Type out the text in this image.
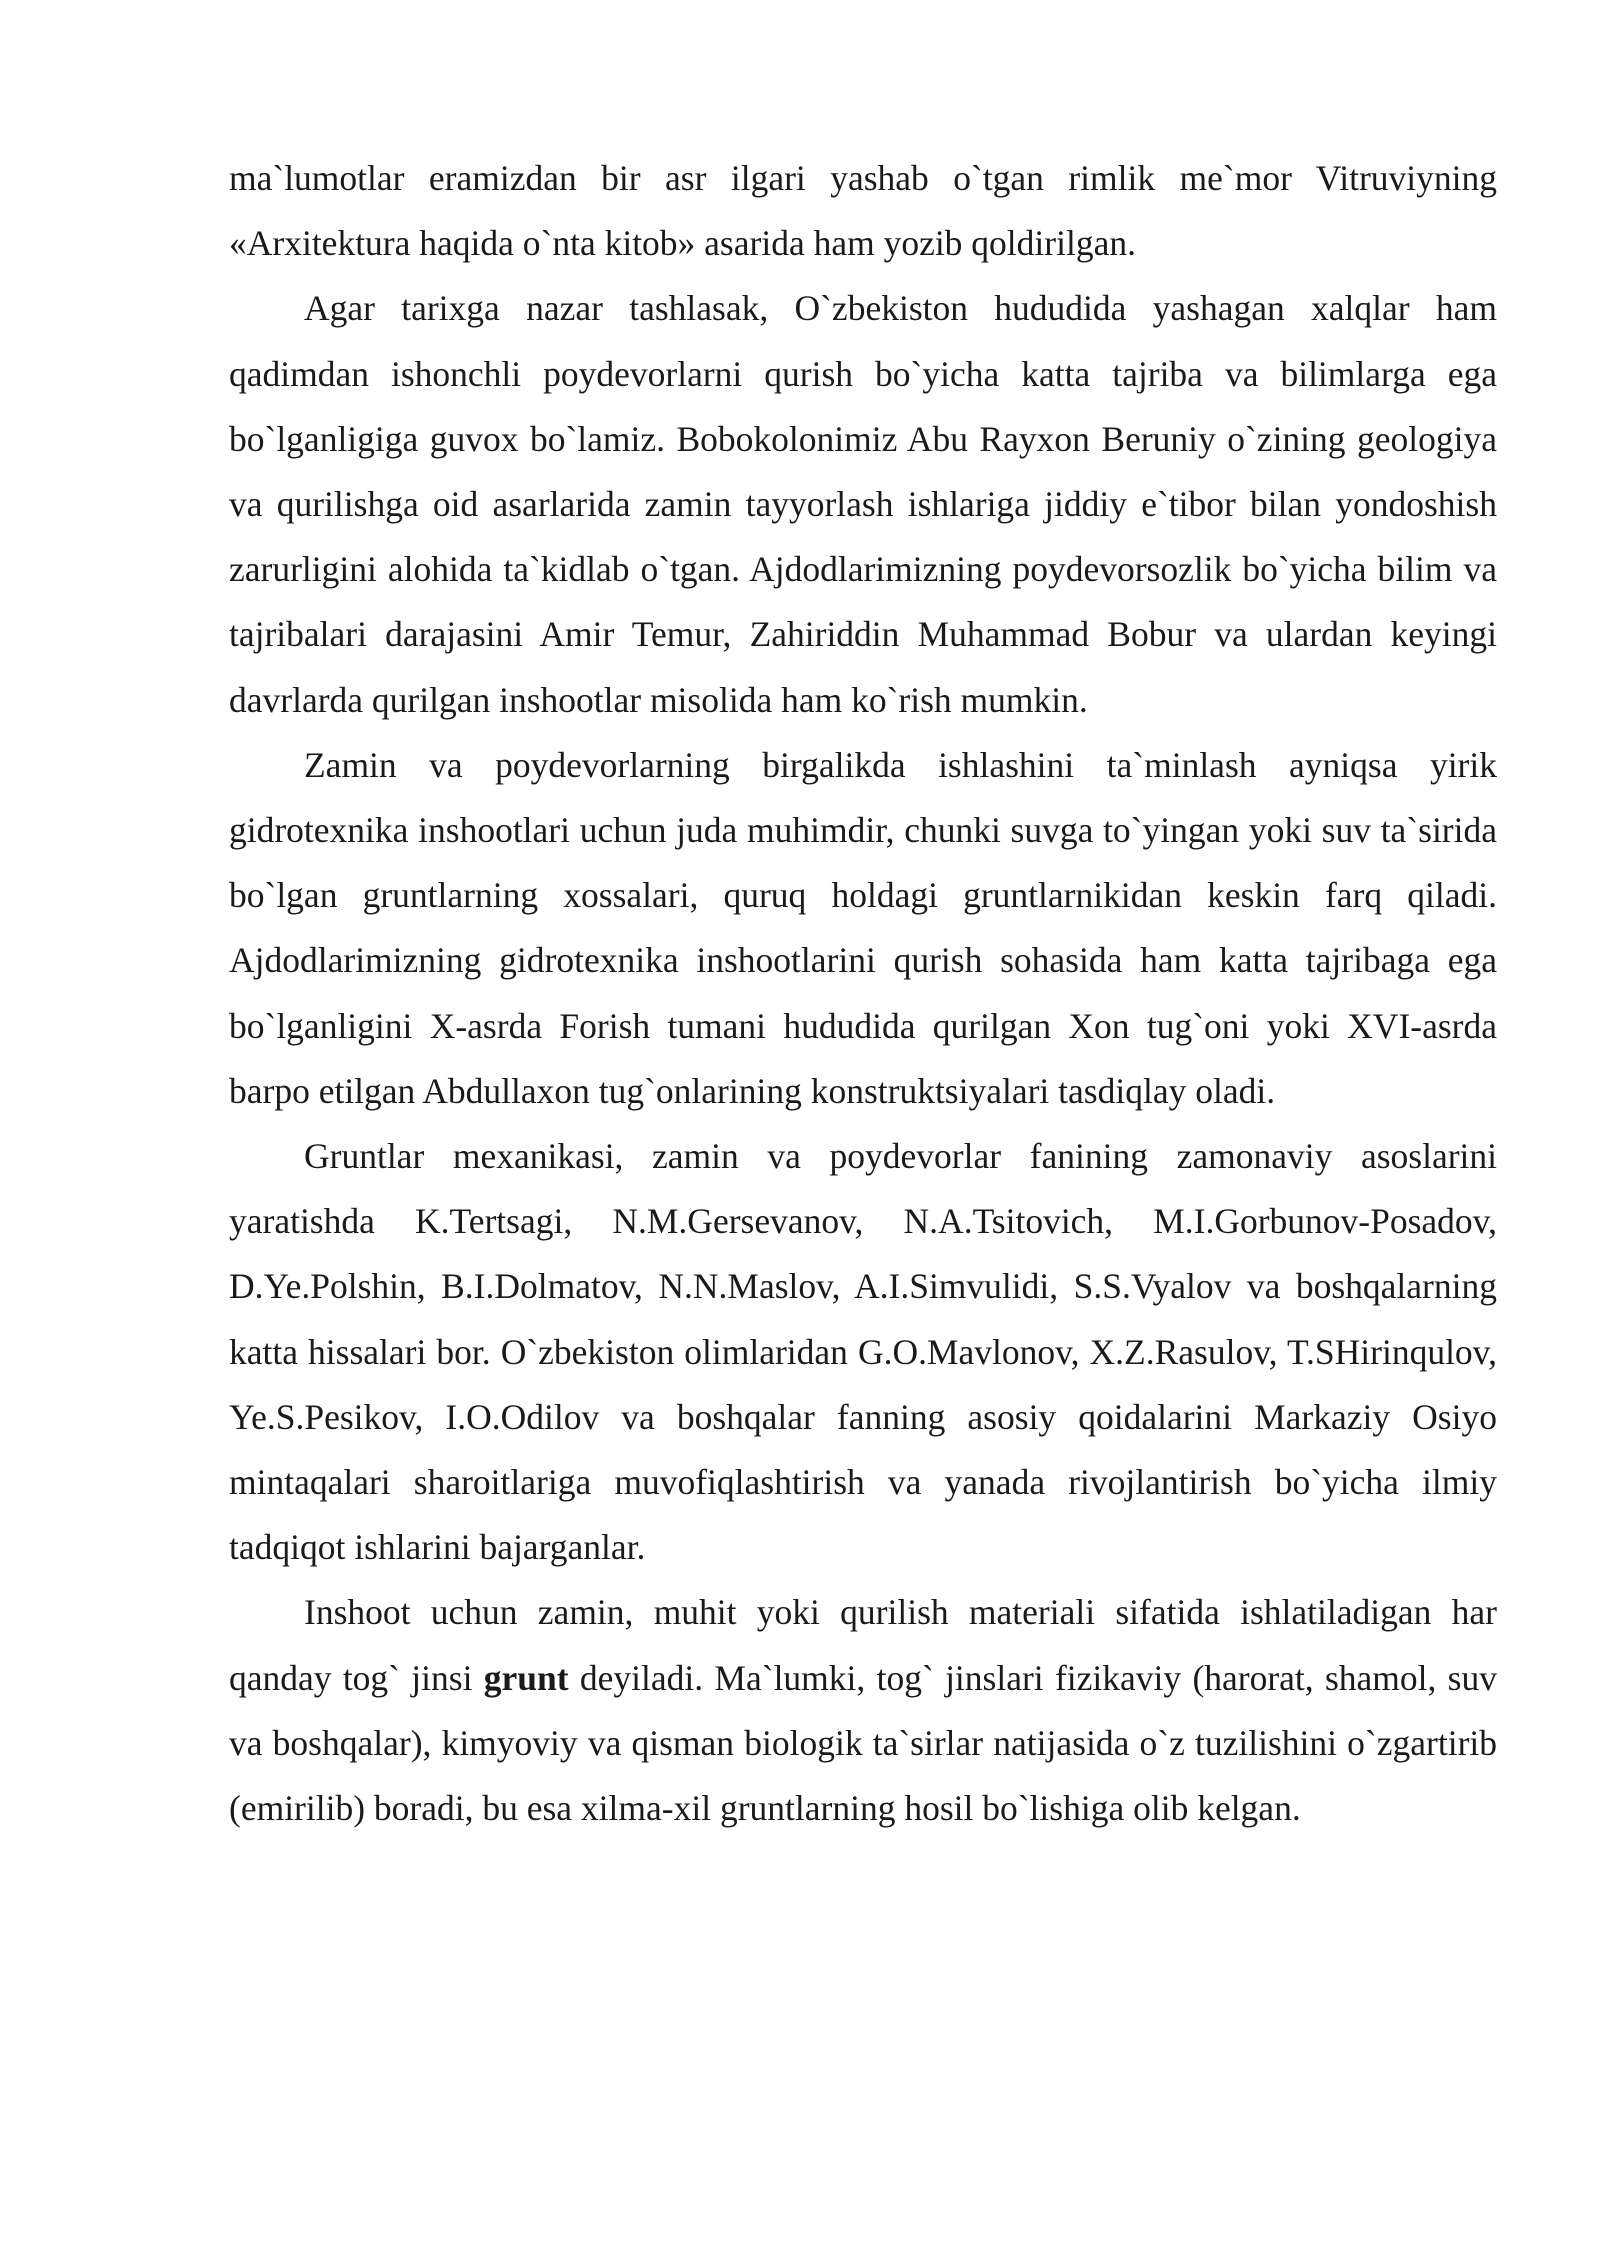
ma`lumotlar eramizdan bir asr ilgari yashab o`tgan rimlik me`mor Vitruviyning «Arxitektura haqida o`nta kitob» asarida ham yozib qoldirilgan.

Agar tarixga nazar tashlasak, O`zbekiston hududida yashagan xalqlar ham qadimdan ishonchli poydevorlarni qurish bo`yicha katta tajriba va bilimlarga ega bo`lganligiga guvox bo`lamiz. Bobokolonimiz Abu Rayxon Beruniy o`zining geologiya va qurilishga oid asarlarida zamin tayyorlash ishlariga jiddiy e`tibor bilan yondoshish zarurligini alohida ta`kidlab o`tgan. Ajdodlarimizning poydevorsozlik bo`yicha bilim va tajribalari darajasini Amir Temur, Zahiriddin Muhammad Bobur va ulardan keyingi davrlarda qurilgan inshootlar misolida ham ko`rish mumkin.

Zamin va poydevorlarning birgalikda ishlashini ta`minlash ayniqsa yirik gidrotexnika inshootlari uchun juda muhimdir, chunki suvga to`yingan yoki suv ta`sirida bo`lgan gruntlarning xossalari, quruq holdagi gruntlarnikidan keskin farq qiladi. Ajdodlarimizning gidrotexnika inshootlarini qurish sohasida ham katta tajribaga ega bo`lganligini X-asrda Forish tumani hududida qurilgan Xon tug`oni yoki XVI-asrda barpo etilgan Abdullaxon tug`onlarining konstruktsiyalari tasdiqlay oladi.

Gruntlar mexanikasi, zamin va poydevorlar fanining zamonaviy asoslarini yaratishda K.Tertsagi, N.M.Gersevanov, N.A.Tsitovich, M.I.Gorbunov-Posadov, D.Ye.Polshin, B.I.Dolmatov, N.N.Maslov, A.I.Simvulidi, S.S.Vyalov va boshqalarning katta hissalari bor. O`zbekiston olimlaridan G.O.Mavlonov, X.Z.Rasulov, T.SHirinqulov, Ye.S.Pesikov, I.O.Odilov va boshqalar fanning asosiy qoidalarini Markaziy Osiyo mintaqalari sharoitlariga muvofiqlashtirish va yanada rivojlantirish bo`yicha ilmiy tadqiqot ishlarini bajarganlar.

Inshoot uchun zamin, muhit yoki qurilish materiali sifatida ishlatiladigan har qanday tog` jinsi grunt deyiladi. Ma`lumki, tog` jinslari fizikaviy (harorat, shamol, suv va boshqalar), kimyoviy va qisman biologik ta`sirlar natijasida o`z tuzilishini o`zgartirib (emirilib) boradi, bu esa xilma-xil gruntlarning hosil bo`lishiga olib kelgan.
